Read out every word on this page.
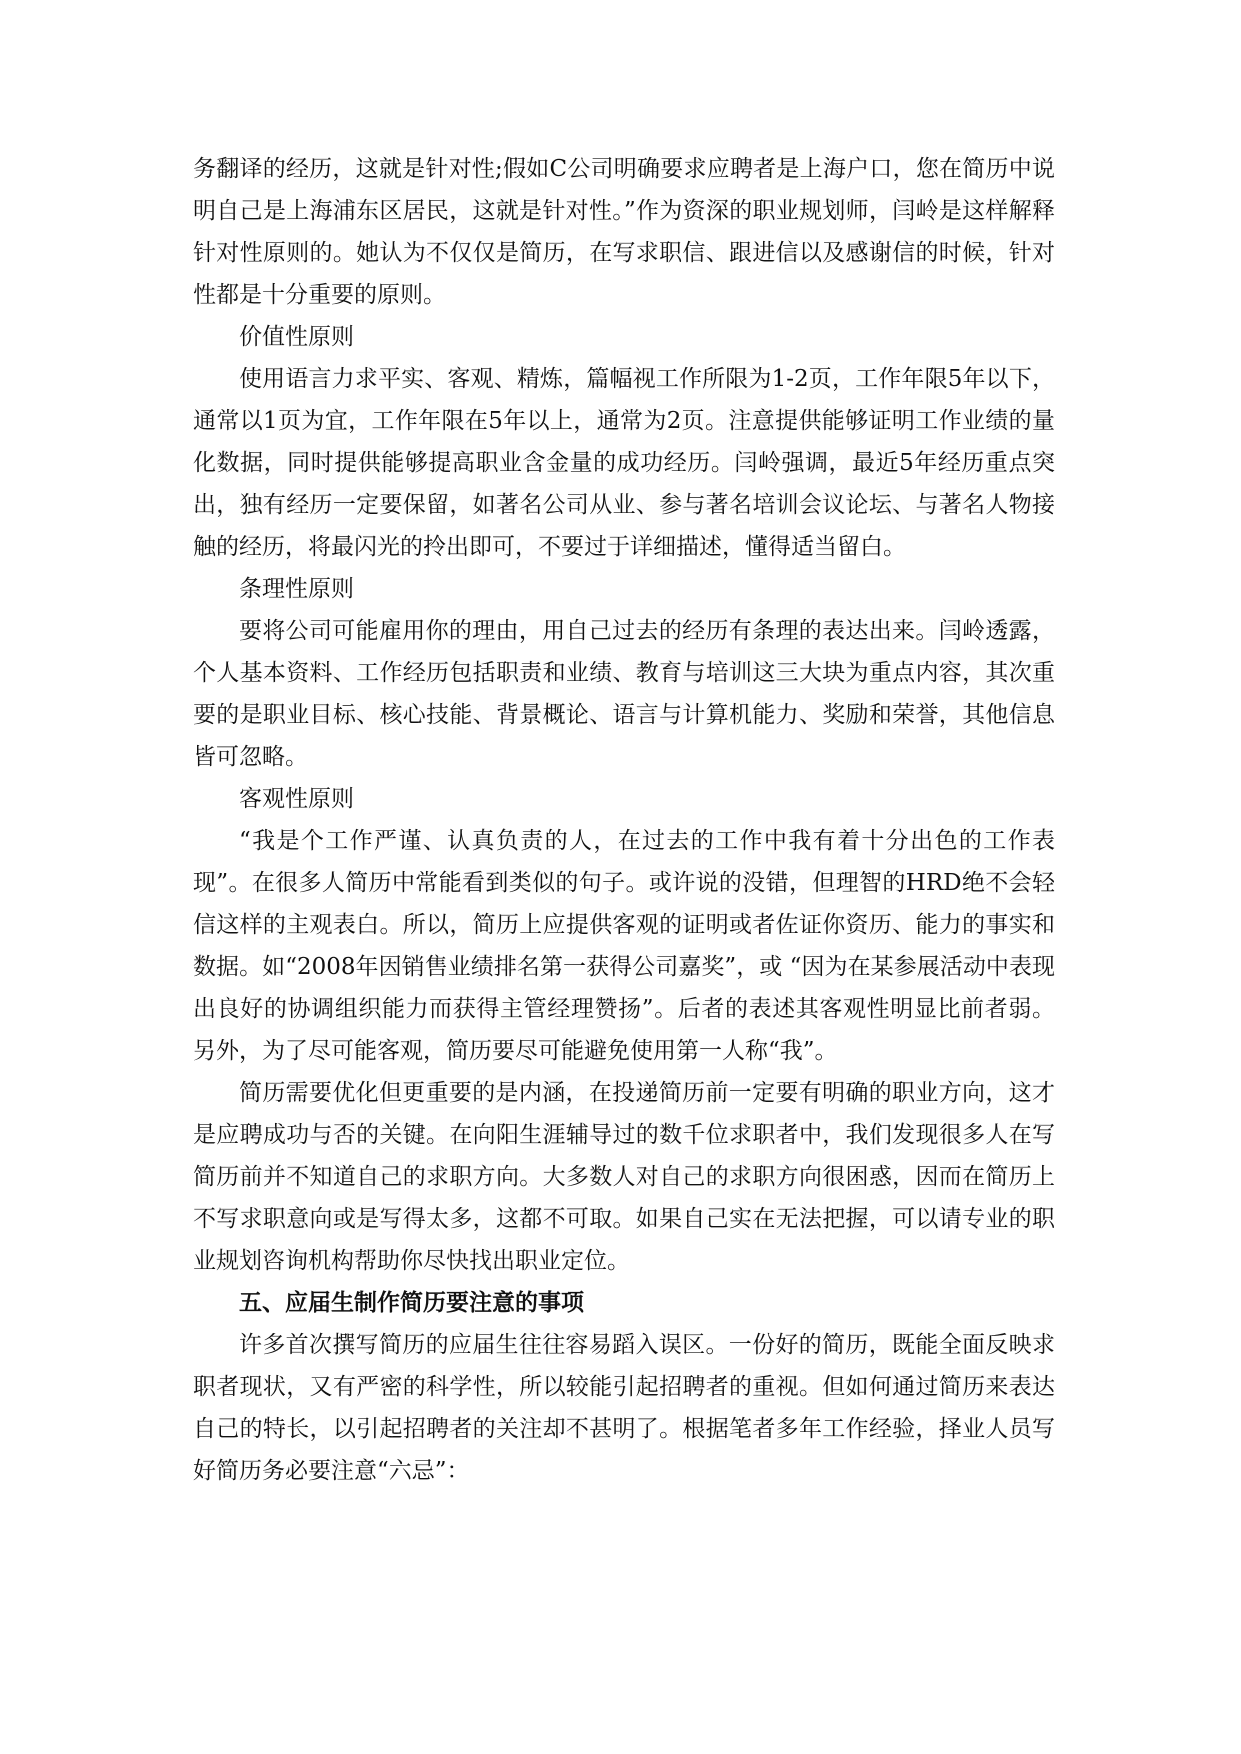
务翻译的经历，这就是针对性;假如C公司明确要求应聘者是上海户口，您在简历中说明自己是上海浦东区居民，这就是针对性。”作为资深的职业规划师，闫岭是这样解释针对性原则的。她认为不仅仅是简历，在写求职信、跟进信以及感谢信的时候，针对性都是十分重要的原则。

价值性原则

使用语言力求平实、客观、精炼，篇幅视工作所限为1-2页，工作年限5年以下，通常以1页为宜，工作年限在5年以上，通常为2页。注意提供能够证明工作业绩的量化数据，同时提供能够提高职业含金量的成功经历。闫岭强调，最近5年经历重点突出，独有经历一定要保留，如著名公司从业、参与著名培训会议论坛、与著名人物接触的经历，将最闪光的拎出即可，不要过于详细描述，懂得适当留白。

条理性原则

要将公司可能雇用你的理由，用自己过去的经历有条理的表达出来。闫岭透露，个人基本资料、工作经历包括职责和业绩、教育与培训这三大块为重点内容，其次重要的是职业目标、核心技能、背景概论、语言与计算机能力、奖励和荣誉，其他信息皆可忽略。

客观性原则

“我是个工作严谨、认真负责的人，在过去的工作中我有着十分出色的工作表现”。在很多人简历中常能看到类似的句子。或许说的没错，但理智的HRD绝不会轻信这样的主观表白。所以，简历上应提供客观的证明或者佐证你资历、能力的事实和数据。如“2008年因销售业绩排名第一获得公司嘉奖”，或 “因为在某参展活动中表现出良好的协调组织能力而获得主管经理赞扬”。后者的表述其客观性明显比前者弱。另外，为了尽可能客观，简历要尽可能避免使用第一人称“我”。

简历需要优化但更重要的是内涵，在投递简历前一定要有明确的职业方向，这才是应聘成功与否的关键。在向阳生涯辅导过的数千位求职者中，我们发现很多人在写简历前并不知道自己的求职方向。大多数人对自己的求职方向很困惑，因而在简历上不写求职意向或是写得太多，这都不可取。如果自己实在无法把握，可以请专业的职业规划咨询机构帮助你尽快找出职业定位。

五、应届生制作简历要注意的事项

许多首次撰写简历的应届生往往容易蹈入误区。一份好的简历，既能全面反映求职者现状，又有严密的科学性，所以较能引起招聘者的重视。但如何通过简历来表达自己的特长，以引起招聘者的关注却不甚明了。根据笔者多年工作经验，择业人员写好简历务必要注意“六忌”：
